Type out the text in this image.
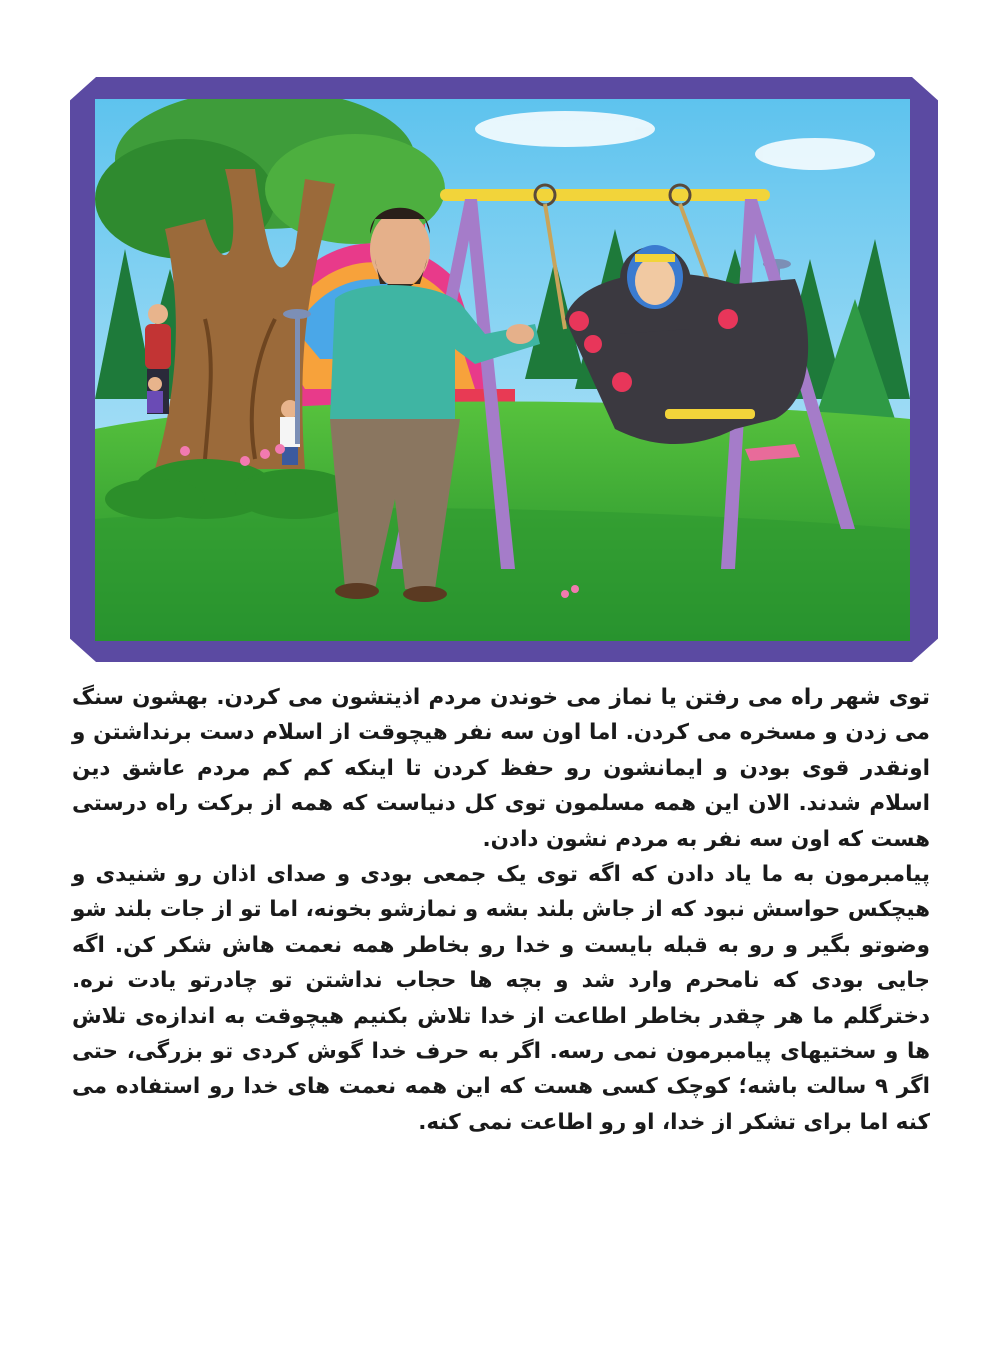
توی شهر راه می رفتن یا نماز می خوندن مردم اذیتشون می کردن. بهشون سنگ می زدن و مسخره می کردن. اما اون سه نفر هیچوقت از اسلام دست برنداشتن و اونقدر قوی بودن و ایمانشون رو حفظ کردن تا اینکه کم کم مردم عاشق دین اسلام شدند. الان این همه مسلمون توی کل دنیاست که همه از برکت راه درستی هست که اون سه نفر به مردم نشون دادن.

پیامبرمون به ما یاد دادن که اگه توی یک جمعی بودی و صدای اذان رو شنیدی و هیچکس حواسش نبود که از جاش بلند بشه و نمازشو بخونه، اما تو از جات بلند شو وضوتو بگیر و رو به قبله بایست و خدا رو بخاطر همه نعمت هاش شکر کن. اگه جایی بودی که نامحرم وارد شد و بچه ها حجاب نداشتن تو چادرتو یادت نره. دخترگلم ما هر چقدر بخاطر اطاعت از خدا تلاش بکنیم هیچوقت به اندازه‌ی تلاش ها و سختیهای پیامبرمون نمی رسه. اگر به حرف خدا گوش کردی تو بزرگی، حتی اگر ۹ سالت باشه؛ کوچک کسی هست که این همه نعمت های خدا رو استفاده می کنه اما برای تشکر از خدا، او رو اطاعت نمی کنه.
